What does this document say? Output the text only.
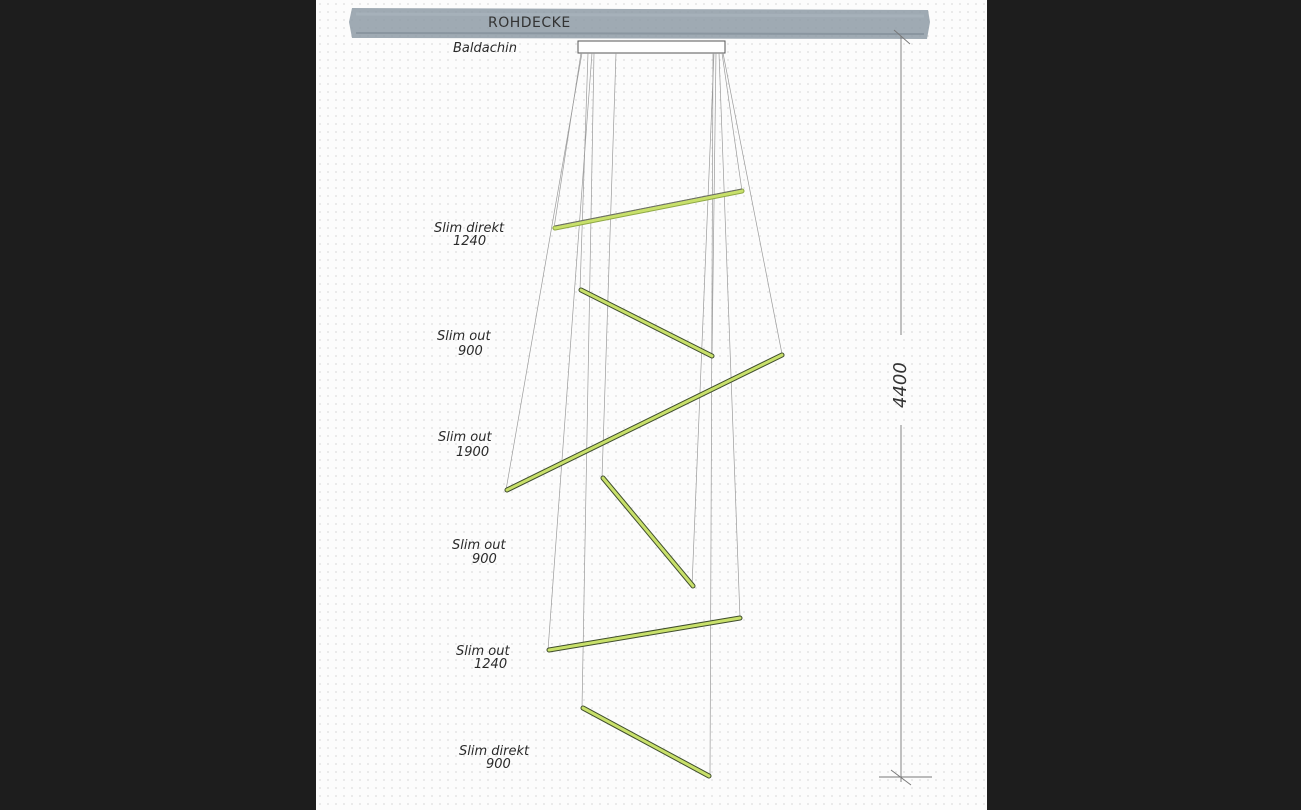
ROHDECKE
Baldachin
4400
Slim direkt
1240
Slim out
900
Slim out
1900
Slim out
900
Slim out
1240
Slim direkt
900
